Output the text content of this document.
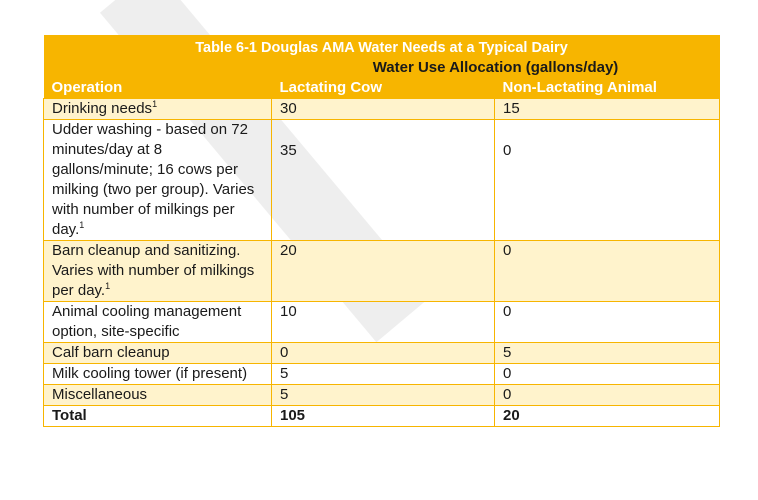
Table 6-1 Douglas AMA Water Needs at a Typical Dairy		
	Water Use Allocation (gallons/day)	
Operation	Lactating Cow	Non-Lactating Animal
Drinking needs$^1$	30	15
Udder washing - based on 72 minutes/day at 8 gallons/minute; 16 cows per milking (two per group). Varies with number of milkings per day.$^1$	35	0
Barn cleanup and sanitizing. Varies with number of milkings per day.$^1$	20	0
Animal cooling management option, site-specific	10	0
Calf barn cleanup	0	5
Milk cooling tower (if present)	5	0
Miscellaneous	5	0
Total	105	20
